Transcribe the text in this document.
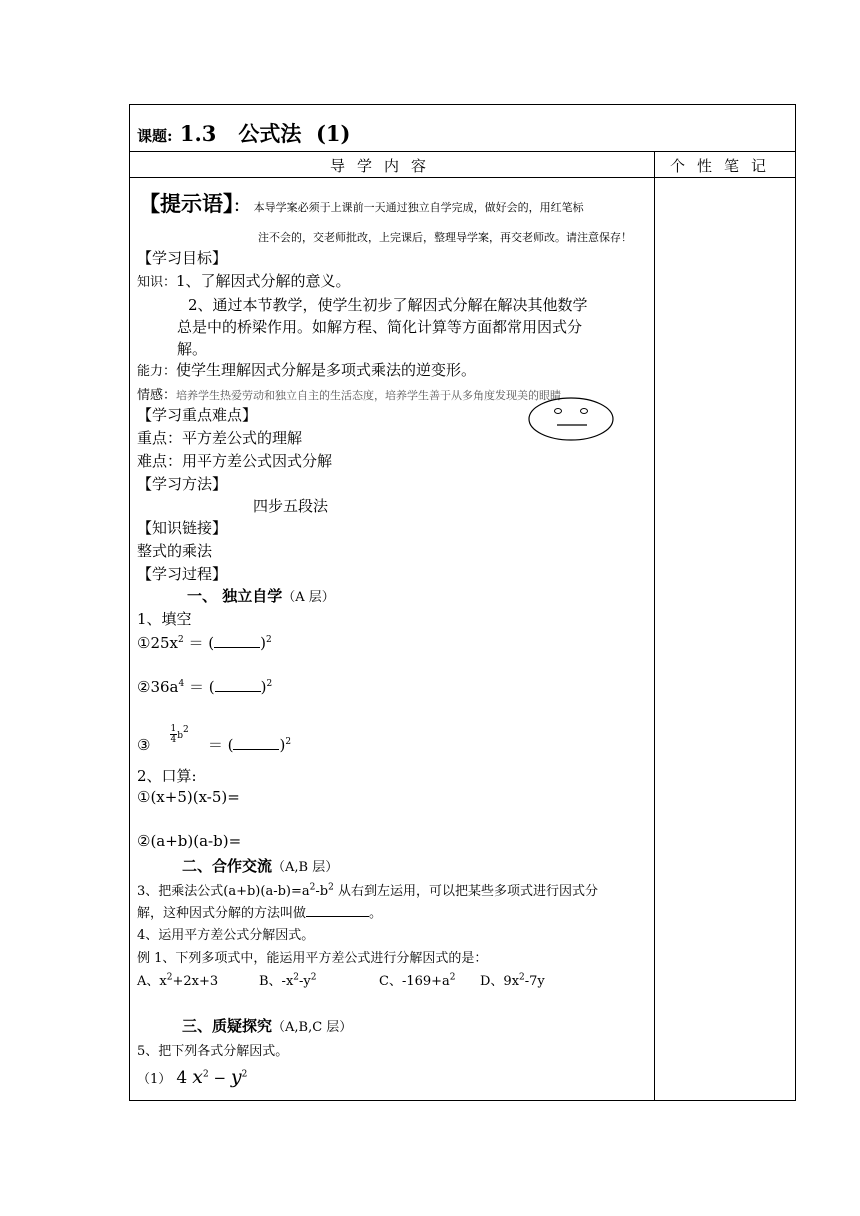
课题: 1.3 公式法 (1)
导学内容	个性笔记
【提示语】： 本导学案必须于上课前一天通过独立自学完成，做好会的，用红笔标
注不会的，交老师批改，上完课后，整理导学案，再交老师改。请注意保存！
【学习目标】
知识：1、了解因式分解的意义。
2、通过本节教学，使学生初步了解因式分解在解决其他数学
总是中的桥梁作用。如解方程、简化计算等方面都常用因式分
解。
能力：使学生理解因式分解是多项式乘法的逆变形。
情感：培养学生热爱劳动和独立自主的生活态度，培养学生善于从多角度发现美的眼睛
【学习重点难点】
重点：平方差公式的理解
难点：用平方差公式因式分解
【学习方法】
四步五段法
【知识链接】
整式的乘法
【学习过程】
一、 独立自学（A 层）
1、填空
$①25x^2$ ＝ (	)$^2$
$②36a^4$ ＝ (	)$^2$
③
$\frac{1}{4}^{b2}$    ＝ (	)$^2$
2、口算:
①(x+5)(x-5)=
②(a+b)(a-b)=
二、合作交流（A,B 层）
3、把乘法公式$(a+b)(a-b)=a^2-b^2$ 从右到左运用，可以把某些多项式进行因式分
解，这种因式分解的方法叫做	。
4、运用平方差公式分解因式。
例 1、下列多项式中，能运用平方差公式进行分解因式的是：
A、$x^2+2x+3$	B、$-x^2-y^2$	C、$-169+a^2$ D、$9x^2-7y$
三、质疑探究（A,B,C 层）
5、把下列各式分解因式。
（1） 4 $x^2 - y^2$
